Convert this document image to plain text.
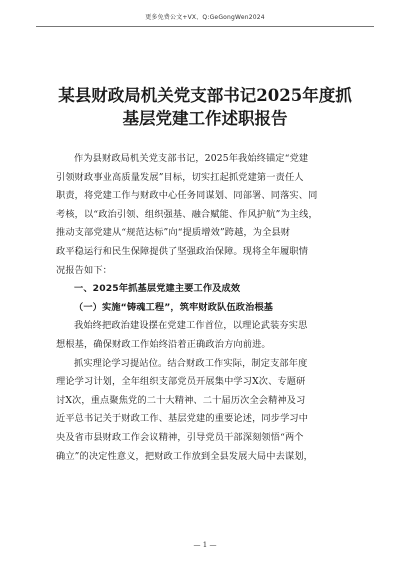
更多免费公文+VX、Q:GeGongWen2024
某县财政局机关党支部书记2025年度抓
基层党建工作述职报告
作为县财政局机关党支部书记，2025年我始终锚定“党建
引领财政事业高质量发展”目标，切实扛起抓党建第一责任人
职责，将党建工作与财政中心任务同谋划、同部署、同落实、同
考核，以“政治引领、组织强基、融合赋能、作风护航”为主线，
推动支部党建从“规范达标”向“提质增效”跨越，为全县财
政平稳运行和民生保障提供了坚强政治保障。现将全年履职情
况报告如下：
一、2025年抓基层党建主要工作及成效
（一）实施“铸魂工程”，筑牢财政队伍政治根基
我始终把政治建设摆在党建工作首位，以理论武装夯实思
想根基，确保财政工作始终沿着正确政治方向前进。
抓实理论学习提站位。结合财政工作实际，制定支部年度
理论学习计划，全年组织支部党员开展集中学习X次、专题研
讨X次，重点聚焦党的二十大精神、二十届历次全会精神及习
近平总书记关于财政工作、基层党建的重要论述，同步学习中
央及省市县财政工作会议精神，引导党员干部深刻领悟“两个
确立”的决定性意义，把财政工作放到全县发展大局中去谋划，
— 1 —
